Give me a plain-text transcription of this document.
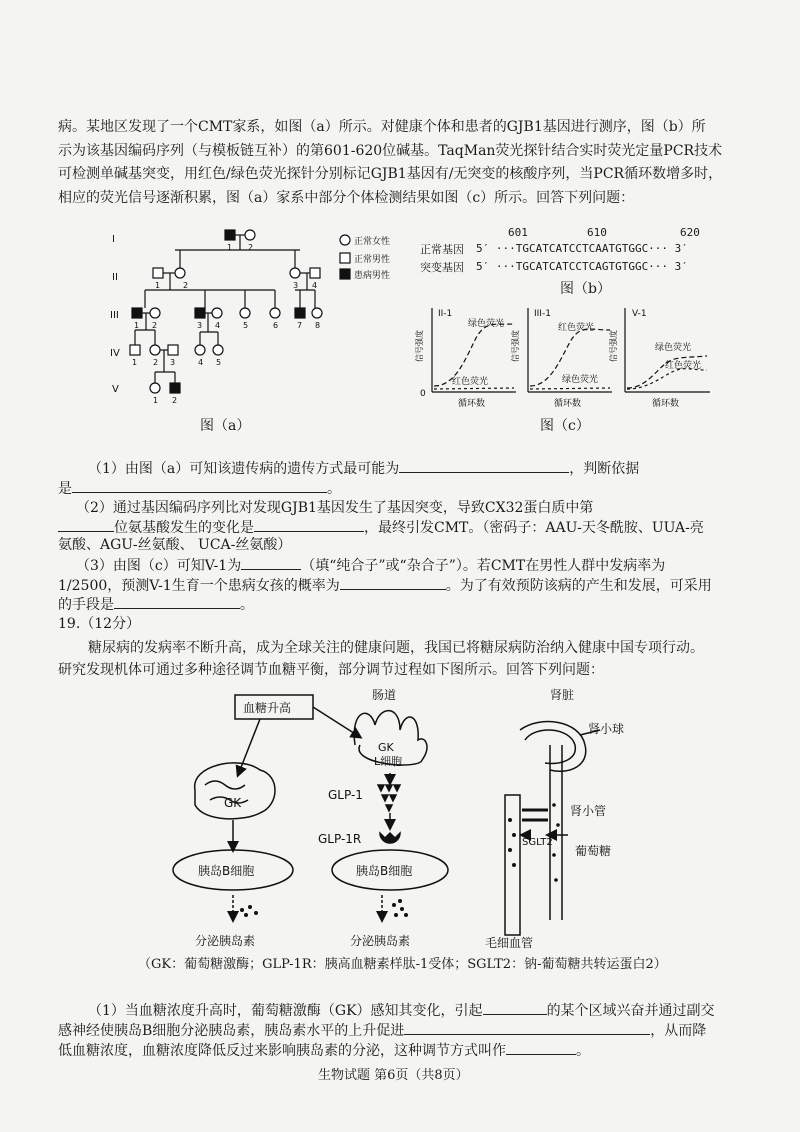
病。某地区发现了一个CMT家系，如图（a）所示。对健康个体和患者的GJB1基因进行测序，图（b）所
示为该基因编码序列（与模板链互补）的第601-620位碱基。TaqMan荧光探针结合实时荧光定量PCR技术
可检测单碱基突变，用红色/绿色荧光探针分别标记GJB1基因有/无突变的核酸序列，当PCR循环数增多时，
相应的荧光信号逐渐积累，图（a）家系中部分个体检测结果如图（c）所示。回答下列问题：
I
II
III
IV
V
1 2
1	2	3 4
1 2	3 4	5	6 7 8
1 2 3	4 5
1 2
正常女性
正常男性
患病男性
图（a）
601	610	620
正常基因 5′ ···TGCATCATCCTCAATGTGGC··· 3′
突变基因 5′ ···TGCATCATCCTCAGTGTGGC··· 3′
图（b）
II-1	III-1	V-1
绿色荧光
红色荧光
红色荧光
绿色荧光
绿色荧光
红色荧光
0
循环数	循环数	循环数
信号强度	信号强度	信号强度
图（c）
（1）由图（a）可知该遗传病的遗传方式最可能为	，判断依据
是	。
（2）通过基因编码序列比对发现GJB1基因发生了基因突变，导致CX32蛋白质中第
位氨基酸发生的变化是	，最终引发CMT。（密码子：AAU-天冬酰胺、UUA-亮
氨酸、AGU-丝氨酸、 UCA-丝氨酸）
（3）由图（c）可知V-1为	（填“纯合子”或“杂合子”）。若CMT在男性人群中发病率为
1/2500，预测V-1生育一个患病女孩的概率为	。为了有效预防该病的产生和发展，可采用
的手段是	。
19.（12分）
糖尿病的发病率不断升高，成为全球关注的健康问题，我国已将糖尿病防治纳入健康中国专项行动。
研究发现机体可通过多种途径调节血糖平衡，部分调节过程如下图所示。回答下列问题：
血糖升高
肠道
GK
L细胞
GK
GLP-1
GLP-1R
胰岛B细胞	胰岛B细胞
分泌胰岛素	分泌胰岛素
肾脏
肾小球
肾小管
SGLT2
葡萄糖
毛细血管
（GK：葡萄糖激酶；GLP-1R：胰高血糖素样肽-1受体；SGLT2：钠-葡萄糖共转运蛋白2）
（1）当血糖浓度升高时，葡萄糖激酶（GK）感知其变化，引起	的某个区域兴奋并通过副交
感神经使胰岛B细胞分泌胰岛素，胰岛素水平的上升促进	，从而降
低血糖浓度，血糖浓度降低反过来影响胰岛素的分泌，这种调节方式叫作	。
生物试题 第6页（共8页）
